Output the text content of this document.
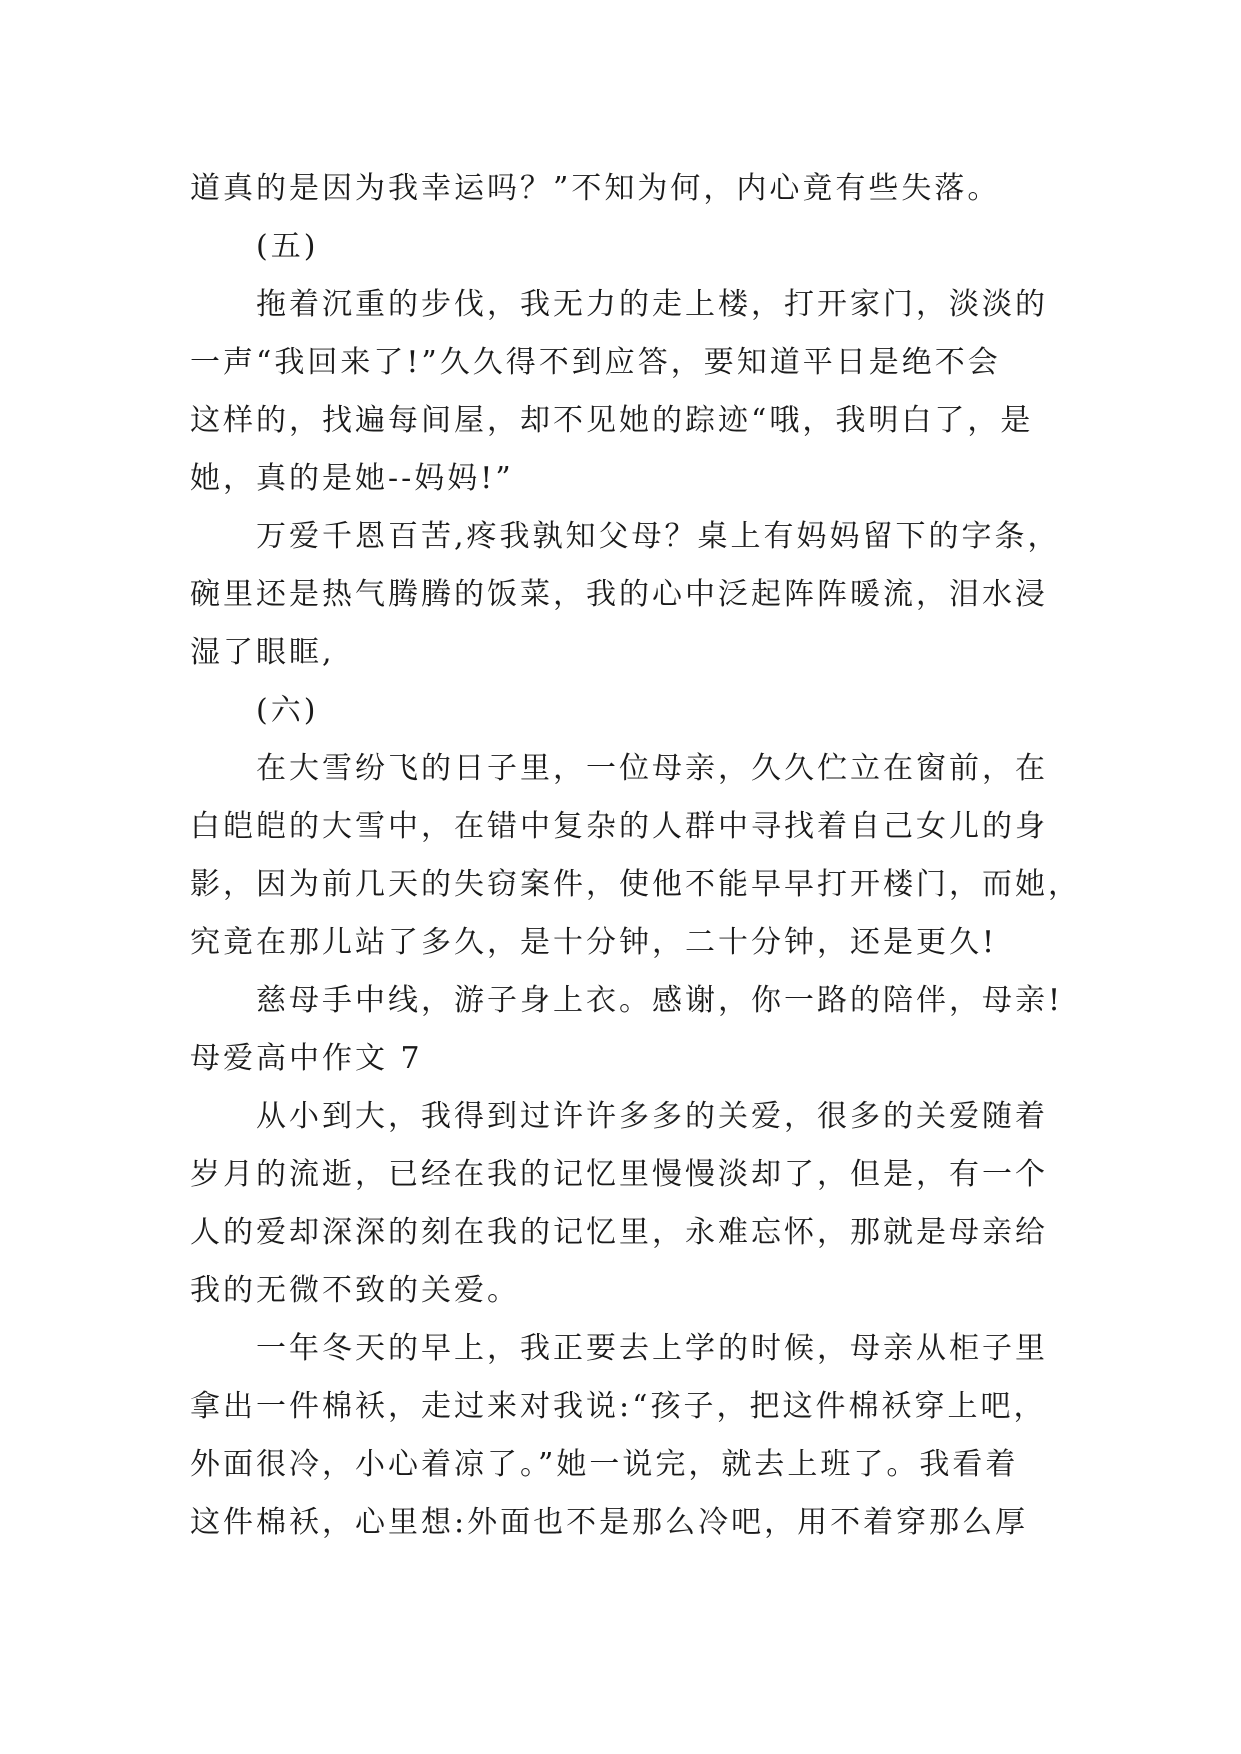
道真的是因为我幸运吗？”不知为何，内心竟有些失落。
(五)
拖着沉重的步伐，我无力的走上楼，打开家门，淡淡的
一声“我回来了!”久久得不到应答，要知道平日是绝不会
这样的，找遍每间屋，却不见她的踪迹“哦，我明白了，是
她，真的是她--妈妈!”
万爱千恩百苦,疼我孰知父母？桌上有妈妈留下的字条，
碗里还是热气腾腾的饭菜，我的心中泛起阵阵暖流，泪水浸
湿了眼眶,
(六)
在大雪纷飞的日子里，一位母亲，久久伫立在窗前，在
白皑皑的大雪中，在错中复杂的人群中寻找着自己女儿的身
影，因为前几天的失窃案件，使他不能早早打开楼门，而她，
究竟在那儿站了多久，是十分钟，二十分钟，还是更久!
慈母手中线，游子身上衣。感谢，你一路的陪伴，母亲!
母爱高中作文 7
从小到大，我得到过许许多多的关爱，很多的关爱随着
岁月的流逝，已经在我的记忆里慢慢淡却了，但是，有一个
人的爱却深深的刻在我的记忆里，永难忘怀，那就是母亲给
我的无微不致的关爱。
一年冬天的早上，我正要去上学的时候，母亲从柜子里
拿出一件棉袄，走过来对我说:“孩子，把这件棉袄穿上吧，
外面很冷，小心着凉了。”她一说完，就去上班了。我看着
这件棉袄，心里想:外面也不是那么冷吧，用不着穿那么厚
